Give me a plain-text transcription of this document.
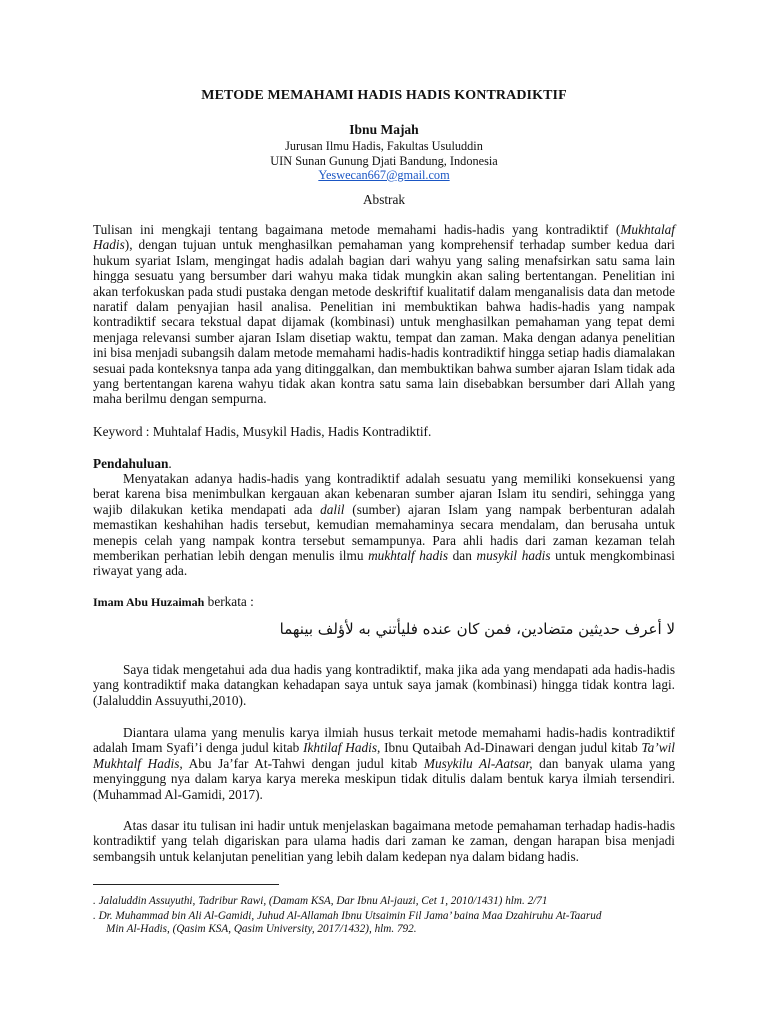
METODE MEMAHAMI HADIS HADIS KONTRADIKTIF
Ibnu Majah
Jurusan Ilmu Hadis, Fakultas Usuluddin
UIN Sunan Gunung Djati Bandung, Indonesia
Yeswecan667@gmail.com
Abstrak
Tulisan ini mengkaji tentang bagaimana metode memahami hadis-hadis yang kontradiktif (Mukhtalaf Hadis), dengan tujuan untuk menghasilkan pemahaman yang komprehensif terhadap sumber kedua dari hukum syariat Islam, mengingat hadis adalah bagian dari wahyu yang saling menafsirkan satu sama lain hingga sesuatu yang bersumber dari wahyu maka tidak mungkin akan saling bertentangan. Penelitian ini akan terfokuskan pada studi pustaka dengan metode deskriftif kualitatif dalam menganalisis data dan metode naratif dalam penyajian hasil analisa. Penelitian ini membuktikan bahwa hadis-hadis yang nampak kontradiktif secara tekstual dapat dijamak (kombinasi) untuk menghasilkan pemahaman yang tepat demi menjaga relevansi sumber ajaran Islam disetiap waktu, tempat dan zaman. Maka dengan adanya penelitian ini bisa menjadi subangsih dalam metode memahami hadis-hadis kontradiktif hingga setiap hadis diamalakan sesuai pada konteksnya tanpa ada yang ditinggalkan, dan membuktikan bahwa sumber ajaran Islam tidak ada yang bertentangan karena wahyu tidak akan kontra satu sama lain disebabkan bersumber dari Allah yang maha berilmu dengan sempurna.
Keyword : Muhtalaf Hadis, Musykil Hadis, Hadis Kontradiktif.
Pendahuluan.
Menyatakan adanya hadis-hadis yang kontradiktif adalah sesuatu yang memiliki konsekuensi yang berat karena bisa menimbulkan kergauan akan kebenaran sumber ajaran Islam itu sendiri, sehingga yang wajib dilakukan ketika mendapati ada dalil (sumber) ajaran Islam yang nampak berbenturan adalah memastikan keshahihan hadis tersebut, kemudian memahaminya secara mendalam, dan berusaha untuk menepis celah yang nampak kontra tersebut semampunya. Para ahli hadis dari zaman kezaman telah memberikan perhatian lebih dengan menulis ilmu mukhtalf hadis dan musykil hadis untuk mengkombinasi riwayat yang ada.
Imam Abu Huzaimah berkata :
لا أعرف حديثين متضادين، فمن كان عنده فليأتني به لأؤلف بينهما
Saya tidak mengetahui ada dua hadis yang kontradiktif, maka jika ada yang mendapati ada hadis-hadis yang kontradiktif maka datangkan kehadapan saya untuk saya jamak (kombinasi) hingga tidak kontra lagi.(Jalaluddin Assuyuthi,2010).
Diantara ulama yang menulis karya ilmiah husus terkait metode memahami hadis-hadis kontradiktif adalah Imam Syafi’i denga judul kitab Ikhtilaf Hadis, Ibnu Qutaibah Ad-Dinawari dengan judul kitab Ta’wil Mukhtalf Hadis, Abu Ja’far At-Tahwi dengan judul kitab Musykilu Al-Aatsar, dan banyak ulama yang menyinggung nya dalam karya karya mereka meskipun tidak ditulis dalam bentuk karya ilmiah tersendiri.(Muhammad Al-Gamidi, 2017).
Atas dasar itu tulisan ini hadir untuk menjelaskan bagaimana metode pemahaman terhadap hadis-hadis kontradiktif yang telah digariskan para ulama hadis dari zaman ke zaman, dengan harapan bisa menjadi sembangsih untuk kelanjutan penelitian yang lebih dalam kedepan nya dalam bidang hadis.
. Jalaluddin Assuyuthi, Tadribur Rawi, (Damam KSA, Dar Ibnu Al-jauzi, Cet 1, 2010/1431) hlm. 2/71
. Dr. Muhammad bin Ali Al-Gamidi, Juhud Al-Allamah Ibnu Utsaimin Fil Jama’ baina Maa Dzahiruhu At-Taarud
Min Al-Hadis, (Qasim KSA, Qasim University, 2017/1432), hlm. 792.
